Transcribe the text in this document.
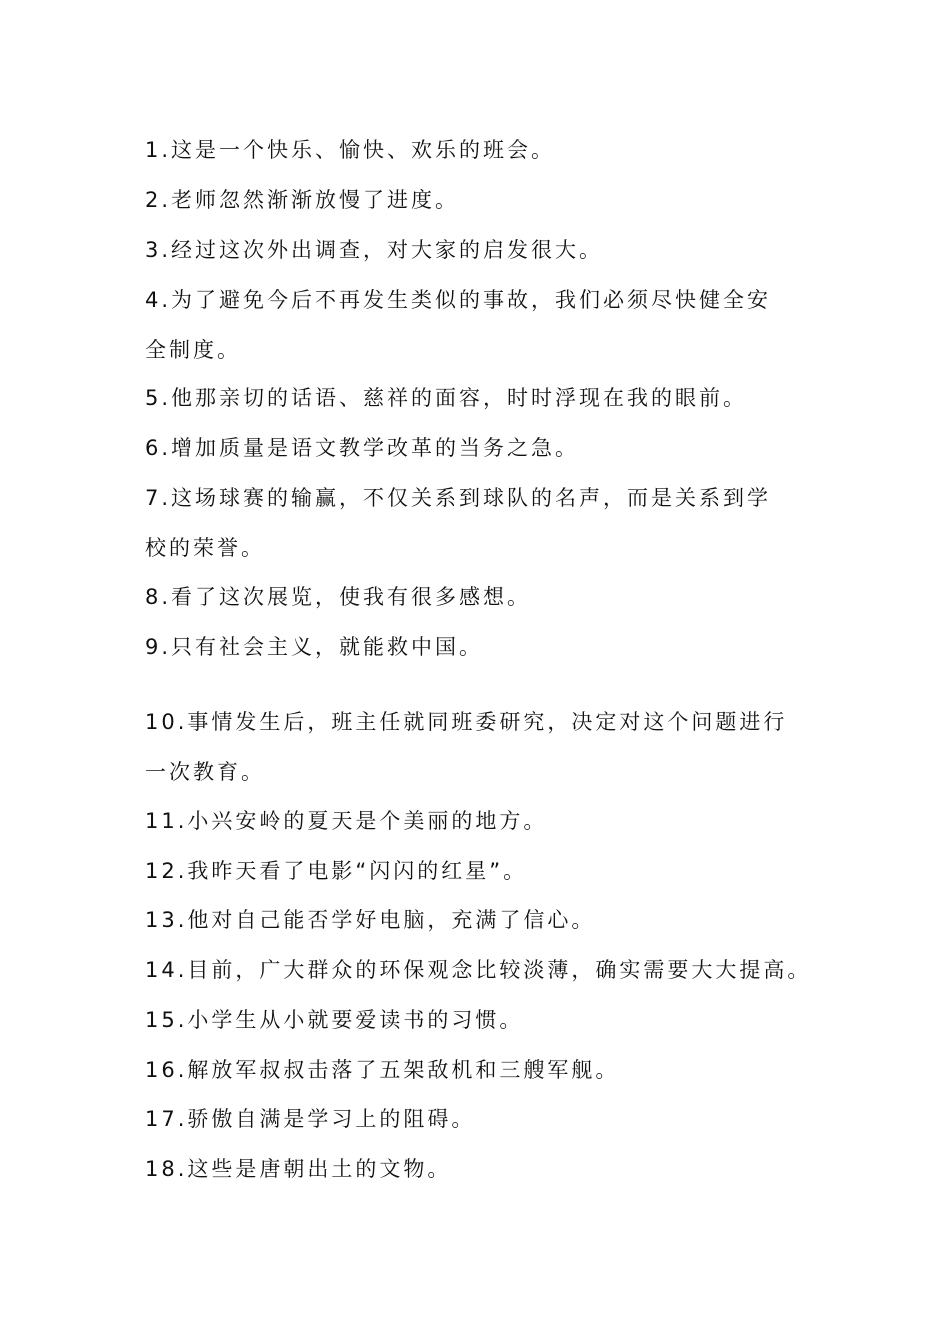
1.这是一个快乐、愉快、欢乐的班会。
2.老师忽然渐渐放慢了进度。
3.经过这次外出调查，对大家的启发很大。
4.为了避免今后不再发生类似的事故，我们必须尽快健全安
全制度。
5.他那亲切的话语、慈祥的面容，时时浮现在我的眼前。
6.增加质量是语文教学改革的当务之急。
7.这场球赛的输赢，不仅关系到球队的名声，而是关系到学
校的荣誉。
8.看了这次展览，使我有很多感想。
9.只有社会主义，就能救中国。
10.事情发生后，班主任就同班委研究，决定对这个问题进行
一次教育。
11.小兴安岭的夏天是个美丽的地方。
12.我昨天看了电影“闪闪的红星”。
13.他对自己能否学好电脑，充满了信心。
14.目前，广大群众的环保观念比较淡薄，确实需要大大提高。
15.小学生从小就要爱读书的习惯。
16.解放军叔叔击落了五架敌机和三艘军舰。
17.骄傲自满是学习上的阻碍。
18.这些是唐朝出土的文物。
